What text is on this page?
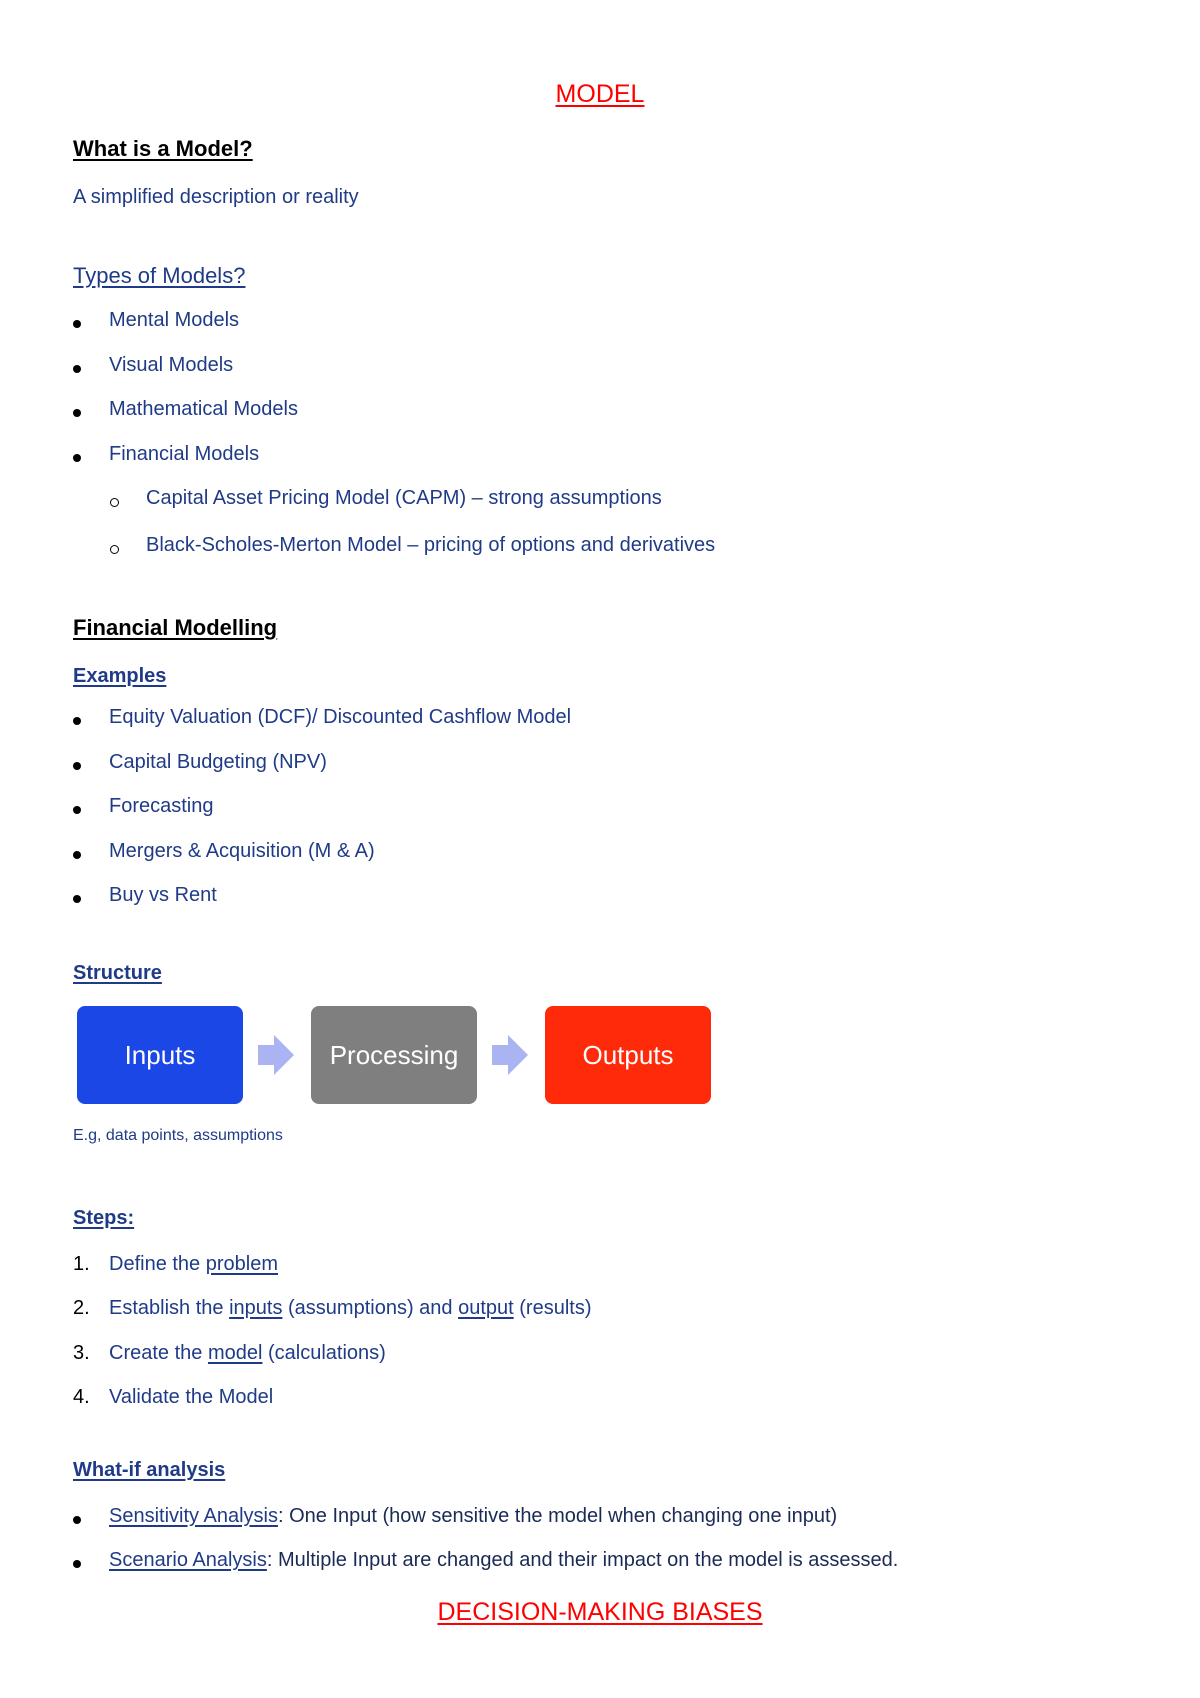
MODEL
What is a Model?
A simplified description or reality
Types of Models?
Mental Models
Visual Models
Mathematical Models
Financial Models
Capital Asset Pricing Model (CAPM) – strong assumptions
Black-Scholes-Merton Model – pricing of options and derivatives
Financial Modelling
Examples
Equity Valuation (DCF)/ Discounted Cashflow Model
Capital Budgeting (NPV)
Forecasting
Mergers & Acquisition (M & A)
Buy vs Rent
Structure
Inputs	Processing	Outputs
E.g, data points, assumptions
Steps:
1. Define the problem
2. Establish the inputs (assumptions) and output (results)
3. Create the model (calculations)
4. Validate the Model
What-if analysis
Sensitivity Analysis: One Input (how sensitive the model when changing one input)
Scenario Analysis: Multiple Input are changed and their impact on the model is assessed.
DECISION-MAKING BIASES
